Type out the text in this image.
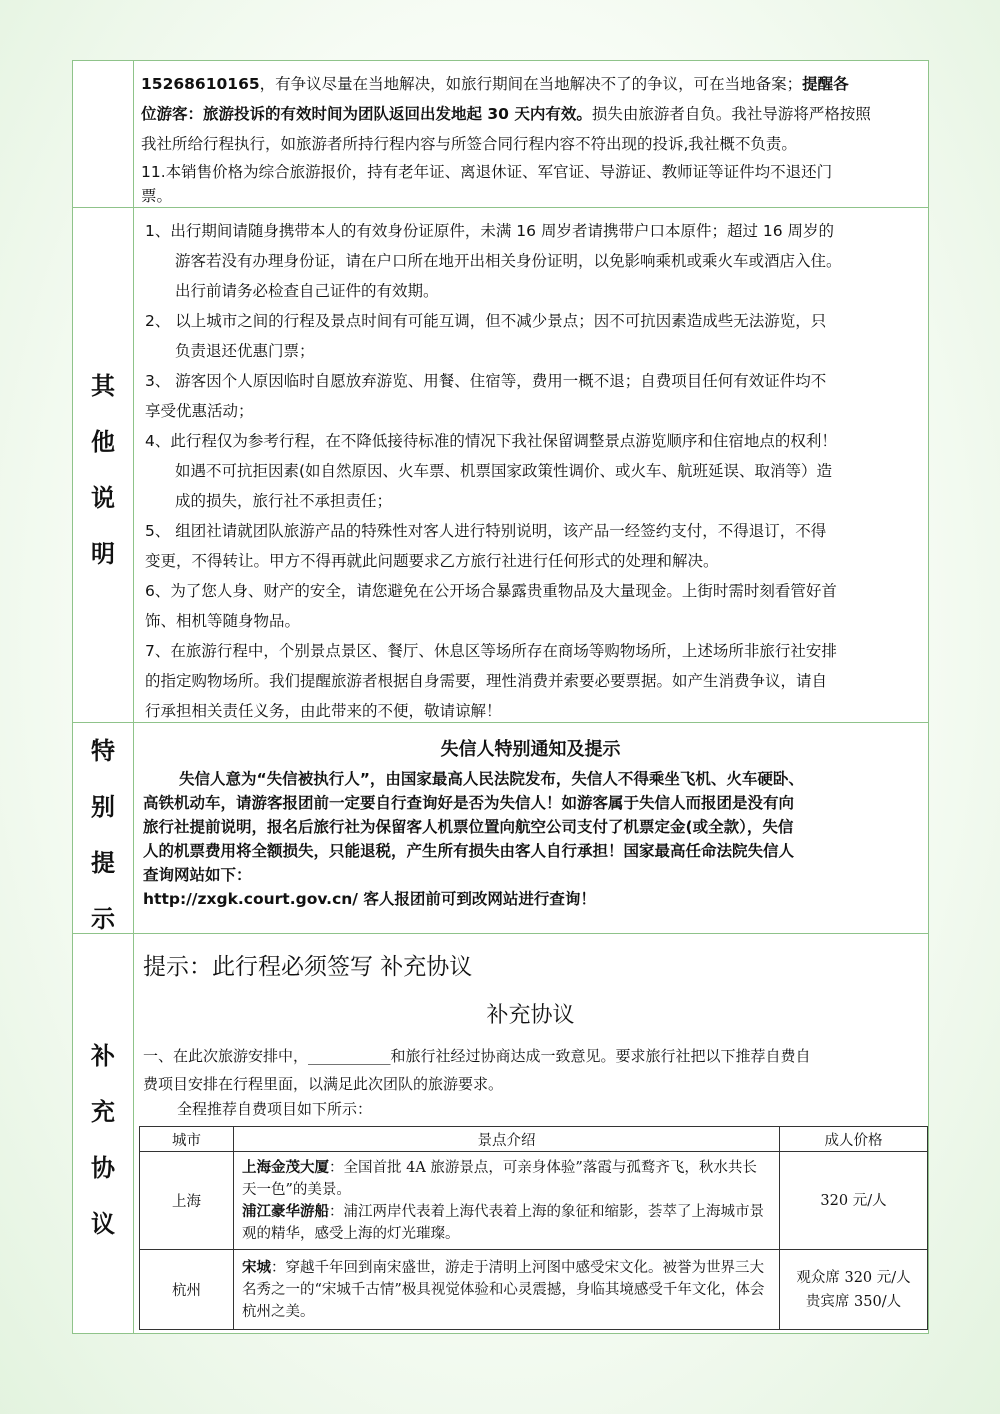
15268610165，有争议尽量在当地解决，如旅行期间在当地解决不了的争议，可在当地备案；提醒各

位游客：旅游投诉的有效时间为团队返回出发地起 30 天内有效。损失由旅游者自负。我社导游将严格按照

我社所给行程执行，如旅游者所持行程内容与所签合同行程内容不符出现的投诉,我社概不负责。

11.本销售价格为综合旅游报价，持有老年证、离退休证、军官证、导游证、教师证等证件均不退还门

票。

其
他
说
明

1、出行期间请随身携带本人的有效身份证原件，未满 16 周岁者请携带户口本原件；超过 16 周岁的

游客若没有办理身份证，请在户口所在地开出相关身份证明，以免影响乘机或乘火车或酒店入住。

出行前请务必检查自己证件的有效期。

2、 以上城市之间的行程及景点时间有可能互调，但不减少景点；因不可抗因素造成些无法游览，只

负责退还优惠门票；

3、 游客因个人原因临时自愿放弃游览、用餐、住宿等，费用一概不退；自费项目任何有效证件均不

享受优惠活动；

4、此行程仅为参考行程，在不降低接待标准的情况下我社保留调整景点游览顺序和住宿地点的权利！

如遇不可抗拒因素(如自然原因、火车票、机票国家政策性调价、或火车、航班延误、取消等）造

成的损失，旅行社不承担责任；

5、 组团社请就团队旅游产品的特殊性对客人进行特别说明，该产品一经签约支付，不得退订，不得

变更，不得转让。甲方不得再就此问题要求乙方旅行社进行任何形式的处理和解决。

6、为了您人身、财产的安全，请您避免在公开场合暴露贵重物品及大量现金。上街时需时刻看管好首

饰、相机等随身物品。

7、在旅游行程中，个别景点景区、餐厅、休息区等场所存在商场等购物场所，上述场所非旅行社安排

的指定购物场所。我们提醒旅游者根据自身需要，理性消费并索要必要票据。如产生消费争议，请自

行承担相关责任义务，由此带来的不便，敬请谅解！

特
别
提
示

失信人特别通知及提示

失信人意为“失信被执行人”，由国家最高人民法院发布，失信人不得乘坐飞机、火车硬卧、

高铁机动车，请游客报团前一定要自行查询好是否为失信人！如游客属于失信人而报团是没有向

旅行社提前说明，报名后旅行社为保留客人机票位置向航空公司支付了机票定金(或全款），失信

人的机票费用将全额损失，只能退税，产生所有损失由客人自行承担！国家最高任命法院失信人

查询网站如下：

http://zxgk.court.gov.cn/ 客人报团前可到改网站进行查询！

补
充
协
议
提示：此行程必须签写 补充协议
补充协议

一、在此次旅游安排中，___________和旅行社经过协商达成一致意见。要求旅行社把以下推荐自费自
费项目安排在行程里面，以满足此次团队的旅游要求。

全程推荐自费项目如下所示：

城市	景点介绍	成人价格
上海	上海金茂大厦：全国首批 4A 旅游景点，可亲身体验”落霞与孤鹜齐飞，秋水共长天一色”的美景。
浦江豪华游船：浦江两岸代表着上海代表着上海的象征和缩影，荟萃了上海城市景观的精华，感受上海的灯光璀璨。	320 元/人
杭州	宋城：穿越千年回到南宋盛世，游走于清明上河图中感受宋文化。被誉为世界三大名秀之一的“宋城千古情”极具视觉体验和心灵震撼，身临其境感受千年文化，体会杭州之美。	观众席 320 元/人
贵宾席 350/人
